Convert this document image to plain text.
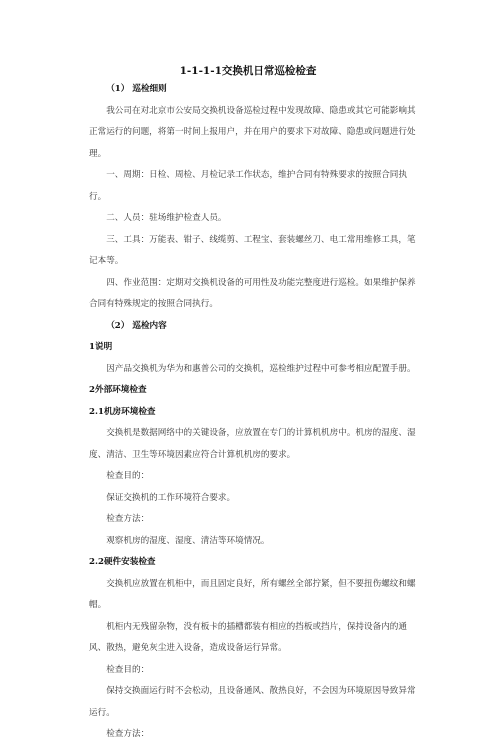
1-1-1-1交换机日常巡检检查

（1） 巡检细则

我公司在对北京市公安局交换机设备巡检过程中发现故障、隐患或其它可能影响其正常运行的问题，将第一时间上报用户，并在用户的要求下对故障、隐患或问题进行处理。

一、周期：日检、周检、月检记录工作状态，维护合同有特殊要求的按照合同执行。

二、人员：驻场维护检查人员。

三、工具：万能表、钳子、线缆剪、工程宝、套装螺丝刀、电工常用维修工具，笔记本等。

四、作业范围：定期对交换机设备的可用性及功能完整度进行巡检。如果维护保养合同有特殊规定的按照合同执行。

（2） 巡检内容

1说明

因产品交换机为华为和惠普公司的交换机，巡检维护过程中可参考相应配置手册。

2外部环境检查

2.1机房环境检查

交换机是数据网络中的关键设备，应放置在专门的计算机机房中。机房的湿度、湿度、清洁、卫生等环境因素应符合计算机机房的要求。

检查目的：

保证交换机的工作环境符合要求。

检查方法：

观察机房的湿度、湿度、清洁等环境情况。

2.2硬件安装检查

交换机应放置在机柜中，而且固定良好，所有螺丝全部拧紧，但不要扭伤螺纹和螺帽。

机柜内无残留杂物，没有板卡的插槽都装有相应的挡板或挡片，保持设备内的通风、散热，避免灰尘进入设备，造成设备运行异常。

检查目的：

保持交换面运行时不会松动，且设备通风、散热良好，不会因为环境原因导致异常运行。

检查方法：
